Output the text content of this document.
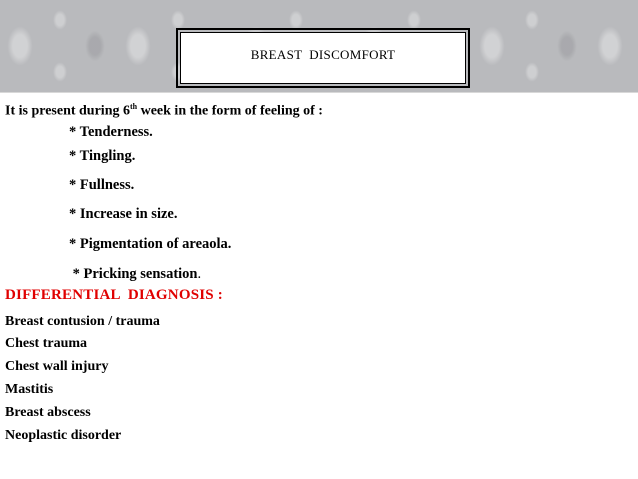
BREAST  DISCOMFORT
It is present during 6th week in the form of feeling of :
* Tenderness.
* Tingling.
* Fullness.
* Increase in size.
* Pigmentation of areaola.
* Pricking sensation.
DIFFERENTIAL  DIAGNOSIS :
Breast contusion / trauma
Chest trauma
Chest wall injury
Mastitis
Breast abscess
Neoplastic disorder
